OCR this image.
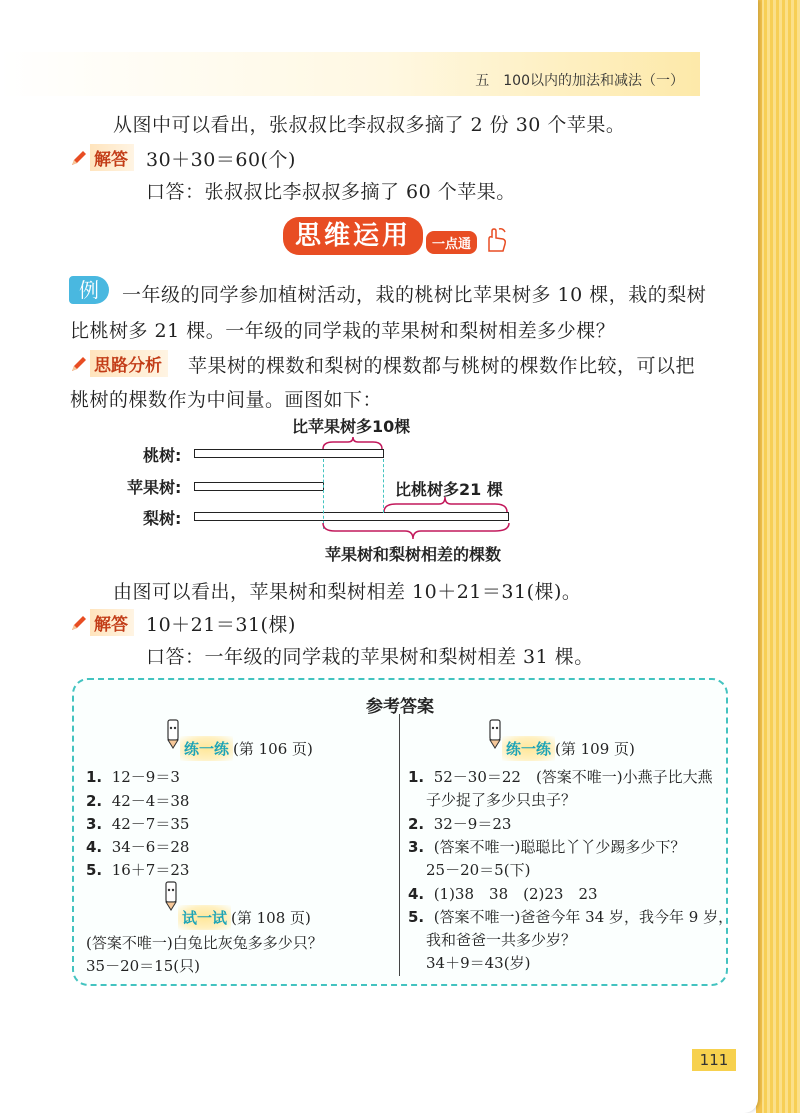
五　100以内的加法和减法（一）
从图中可以看出，张叔叔比李叔叔多摘了 2 份 30 个苹果。
解答 30＋30＝60(个)
口答：张叔叔比李叔叔多摘了 60 个苹果。
思维运用	一点通
例	一年级的同学参加植树活动，栽的桃树比苹果树多 10 棵，栽的梨树
比桃树多 21 棵。一年级的同学栽的苹果树和梨树相差多少棵？
思路分析	苹果树的棵数和梨树的棵数都与桃树的棵数作比较，可以把
桃树的棵数作为中间量。画图如下：
比苹果树多10棵
桃树:
比桃树多21 棵
苹果树:
梨树:
苹果树和梨树相差的棵数
由图可以看出，苹果树和梨树相差 10＋21＝31(棵)。
解答 10＋21＝31(棵)
口答：一年级的同学栽的苹果树和梨树相差 31 棵。
参考答案
练一练 (第 106 页)
1. 12－9＝3
2. 42－4＝38
3. 42－7＝35
4. 34－6＝28
5. 16＋7＝23
试一试 (第 108 页)
(答案不唯一)白兔比灰兔多多少只？
35－20＝15(只)
练一练 (第 109 页)
1. 52－30＝22　(答案不唯一)小燕子比大燕
子少捉了多少只虫子？
2. 32－9＝23
3. (答案不唯一)聪聪比丫丫少踢多少下？
25－20＝5(下)
4. (1)38　38　(2)23　23
5. (答案不唯一)爸爸今年 34 岁，我今年 9 岁，
我和爸爸一共多少岁？
34＋9＝43(岁)
111
